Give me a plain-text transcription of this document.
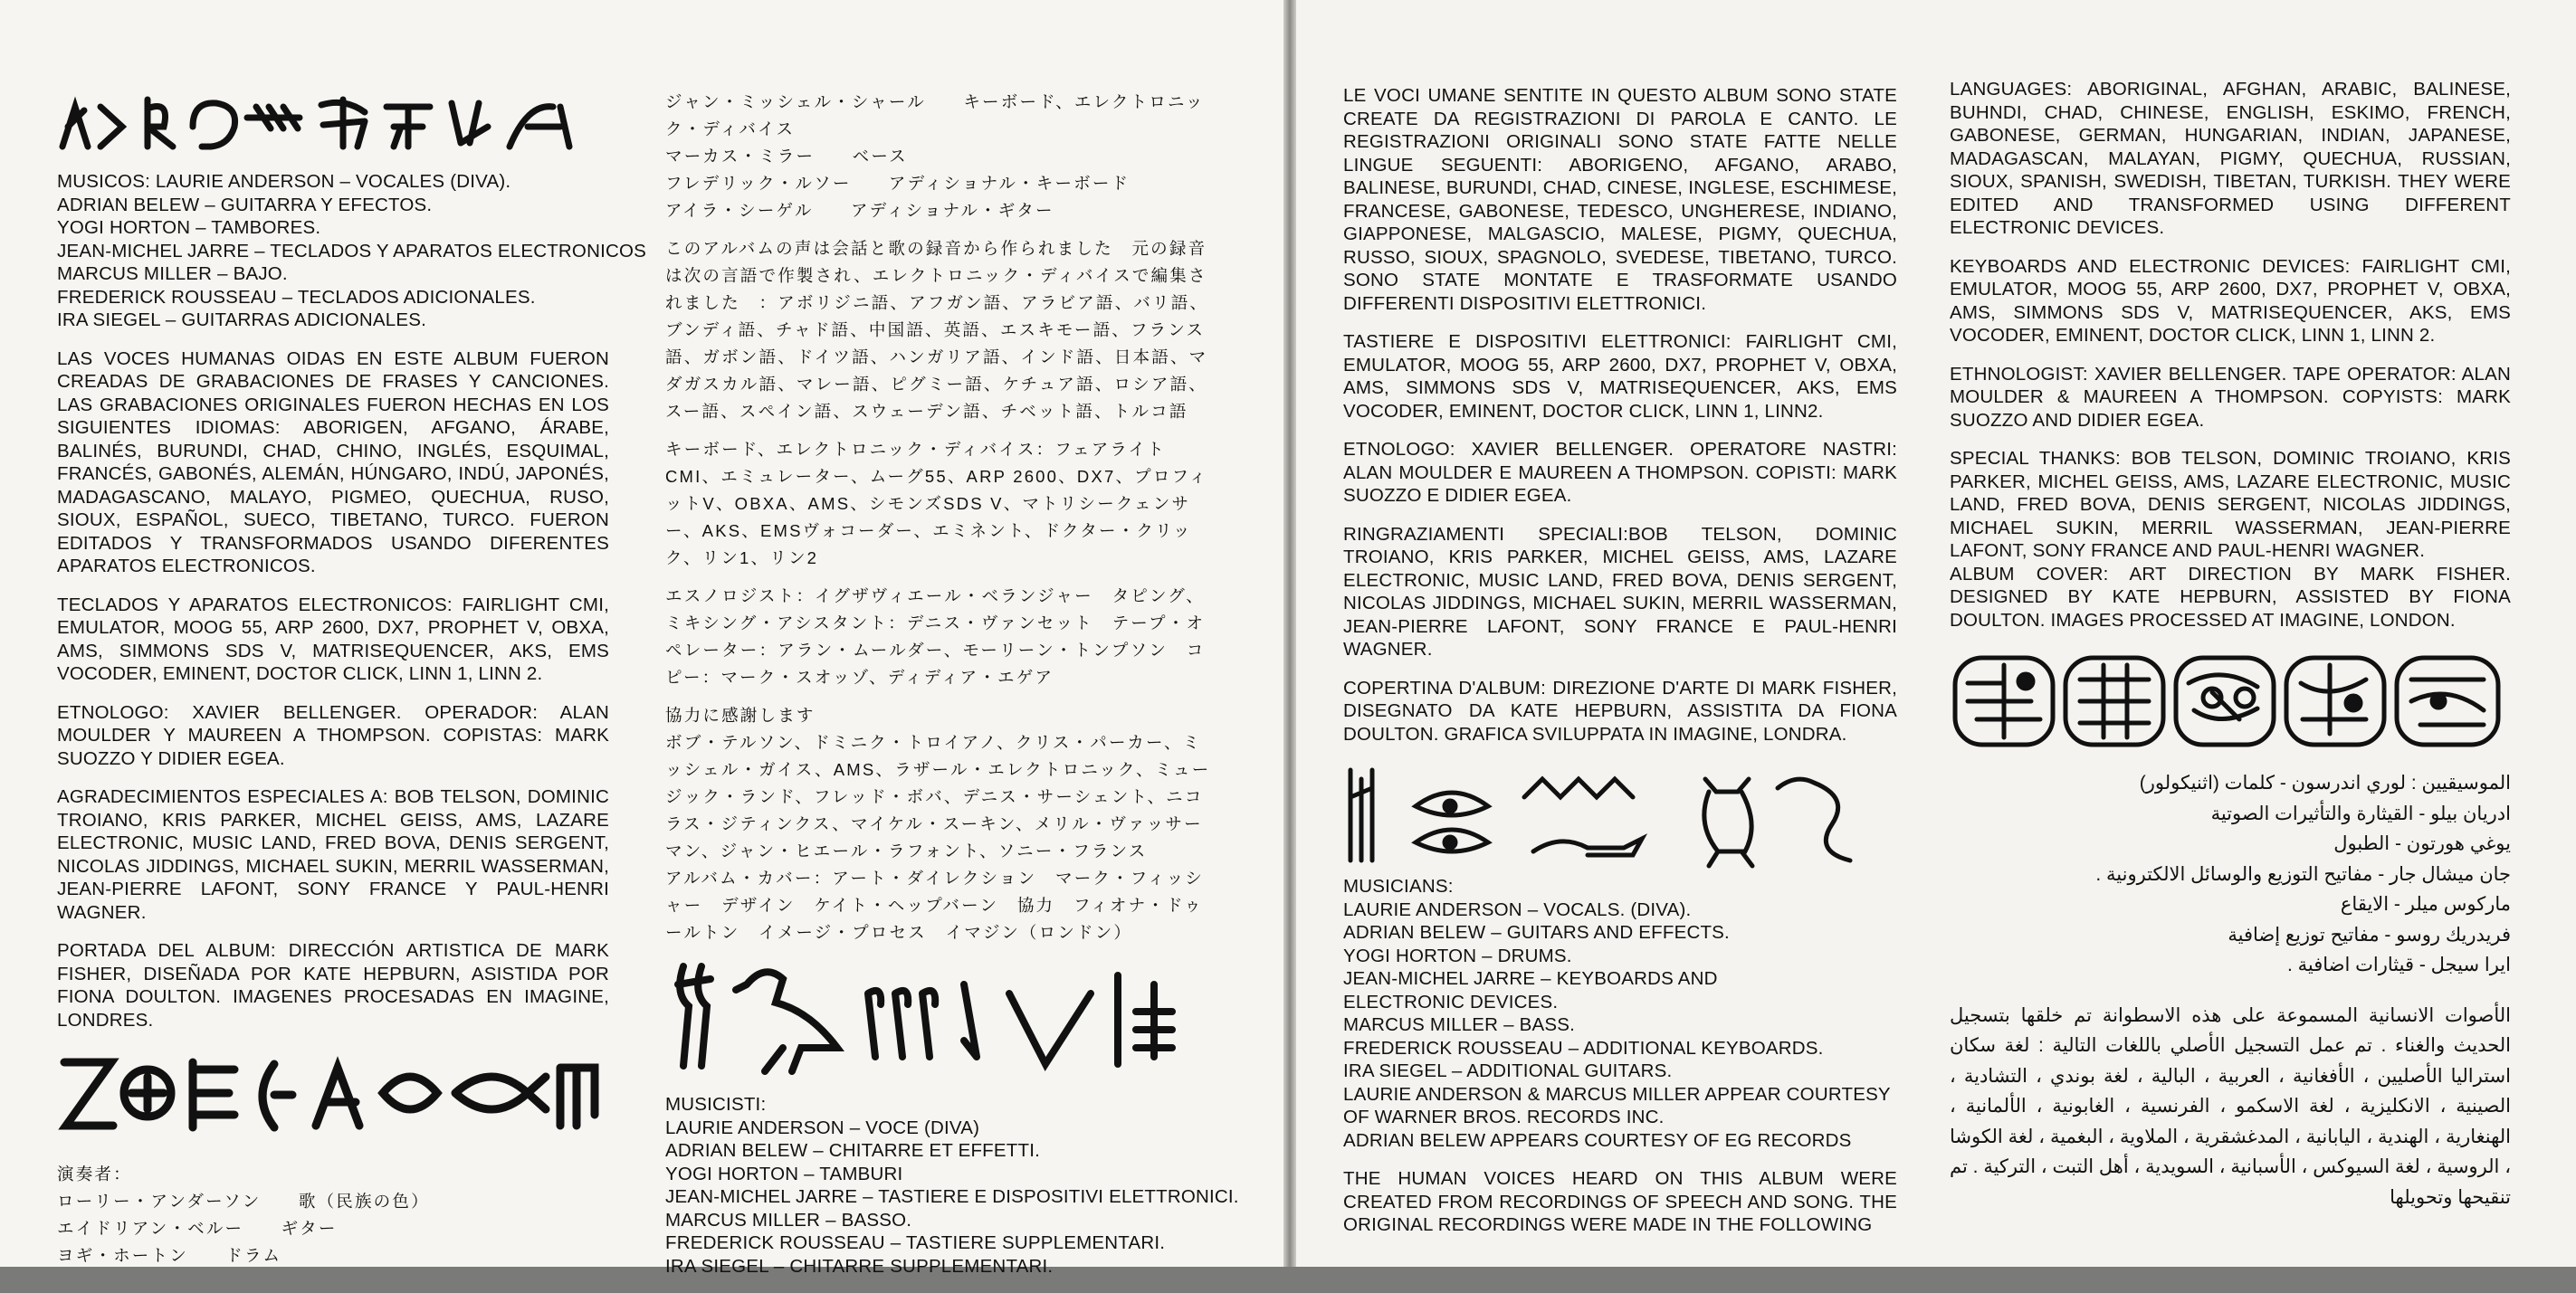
MUSICOS: LAURIE ANDERSON – VOCALES (DIVA).
ADRIAN BELEW – GUITARRA Y EFECTOS.
YOGI HORTON – TAMBORES.
JEAN-MICHEL JARRE – TECLADOS Y APARATOS ELECTRONICOS
MARCUS MILLER – BAJO.
FREDERICK ROUSSEAU – TECLADOS ADICIONALES.
IRA SIEGEL – GUITARRAS ADICIONALES.

LAS VOCES HUMANAS OIDAS EN ESTE ALBUM FUERON CREADAS DE GRABACIONES DE FRASES Y CANCIONES. LAS GRABACIONES ORIGINALES FUERON HECHAS EN LOS SIGUIENTES IDIOMAS: ABORIGEN, AFGANO, ÁRABE, BALINÉS, BURUNDI, CHAD, CHINO, INGLÉS, ESQUIMAL, FRANCÉS, GABONÉS, ALEMÁN, HÚNGARO, INDÚ, JAPONÉS, MADAGASCANO, MALAYO, PIGMEO, QUECHUA, RUSO, SIOUX, ESPAÑOL, SUECO, TIBETANO, TURCO. FUERON EDITADOS Y TRANSFORMADOS USANDO DIFERENTES APARATOS ELECTRONICOS.

TECLADOS Y APARATOS ELECTRONICOS: FAIRLIGHT CMI, EMULATOR, MOOG 55, ARP 2600, DX7, PROPHET V, OBXA, AMS, SIMMONS SDS V, MATRISEQUENCER, AKS, EMS VOCODER, EMINENT, DOCTOR CLICK, LINN 1, LINN 2.

ETNOLOGO: XAVIER BELLENGER. OPERADOR: ALAN MOULDER Y MAUREEN A THOMPSON. COPISTAS: MARK SUOZZO Y DIDIER EGEA.

AGRADECIMIENTOS ESPECIALES A: BOB TELSON, DOMINIC TROIANO, KRIS PARKER, MICHEL GEISS, AMS, LAZARE ELECTRONIC, MUSIC LAND, FRED BOVA, DENIS SERGENT, NICOLAS JIDDINGS, MICHAEL SUKIN, MERRIL WASSERMAN, JEAN-PIERRE LAFONT, SONY FRANCE Y PAUL-HENRI WAGNER.

PORTADA DEL ALBUM: DIRECCIÓN ARTISTICA DE MARK FISHER, DISEÑADA POR KATE HEPBURN, ASISTIDA POR FIONA DOULTON. IMAGENES PROCESADAS EN IMAGINE, LONDRES.

演奏者：
ローリー・アンダーソン　　歌（民族の色）
エイドリアン・ベルー　　ギター
ヨギ・ホートン　　ドラム

ジャン・ミッシェル・シャール　　キーボード、エレクトロニック・ディバイス
マーカス・ミラー　　ベース
フレデリック・ルソー　　アディショナル・キーボード
アイラ・シーゲル　　アディショナル・ギター

このアルバムの声は会話と歌の録音から作られました　元の録音は次の言語で作製され、エレクトロニック・ディバイスで編集されました　：アボリジニ語、アフガン語、アラビア語、バリ語、ブンディ語、チャド語、中国語、英語、エスキモー語、フランス語、ガボン語、ドイツ語、ハンガリア語、インド語、日本語、マダガスカル語、マレー語、ピグミー語、ケチュア語、ロシア語、スー語、スペイン語、スウェーデン語、チベット語、トルコ語

キーボード、エレクトロニック・ディバイス：フェアライトCMI、エミュレーター、ムーグ55、ARP 2600、DX7、プロフィットV、OBXA、AMS、シモンズSDS V、マトリシークェンサー、AKS、EMSヴォコーダー、エミネント、ドクター・クリック、リン1、リン2

エスノロジスト：イグザヴィエール・ベランジャー　タピング、ミキシング・アシスタント：デニス・ヴァンセット　テープ・オペレーター：アラン・ムールダー、モーリーン・トンプソン　コピー：マーク・スオッゾ、ディディア・エゲア

協力に感謝します
ボブ・テルソン、ドミニク・トロイアノ、クリス・パーカー、ミッシェル・ガイス、AMS、ラザール・エレクトロニック、ミュージック・ランド、フレッド・ボバ、デニス・サーシェント、ニコラス・ジティンクス、マイケル・スーキン、メリル・ヴァッサーマン、ジャン・ヒエール・ラフォント、ソニー・フランス

アルバム・カバー：アート・ダイレクション　マーク・フィッシャー　デザイン　ケイト・ヘップバーン　協力　フィオナ・ドゥールトン　イメージ・プロセス　イマジン（ロンドン）

MUSICISTI:
LAURIE ANDERSON – VOCE (DIVA)
ADRIAN BELEW – CHITARRE ET EFFETTI.
YOGI HORTON – TAMBURI
JEAN-MICHEL JARRE – TASTIERE E DISPOSITIVI ELETTRONICI.
MARCUS MILLER – BASSO.
FREDERICK ROUSSEAU – TASTIERE SUPPLEMENTARI.
IRA SIEGEL – CHITARRE SUPPLEMENTARI.

LE VOCI UMANE SENTITE IN QUESTO ALBUM SONO STATE CREATE DA REGISTRAZIONI DI PAROLA E CANTO. LE REGISTRAZIONI ORIGINALI SONO STATE FATTE NELLE LINGUE SEGUENTI: ABORIGENO, AFGANO, ARABO, BALINESE, BURUNDI, CHAD, CINESE, INGLESE, ESCHIMESE, FRANCESE, GABONESE, TEDESCO, UNGHERESE, INDIANO, GIAPPONESE, MALGASCIO, MALESE, PIGMY, QUECHUA, RUSSO, SIOUX, SPAGNOLO, SVEDESE, TIBETANO, TURCO. SONO STATE MONTATE E TRASFORMATE USANDO DIFFERENTI DISPOSITIVI ELETTRONICI.

TASTIERE E DISPOSITIVI ELETTRONICI: FAIRLIGHT CMI, EMULATOR, MOOG 55, ARP 2600, DX7, PROPHET V, OBXA, AMS, SIMMONS SDS V, MATRISEQUENCER, AKS, EMS VOCODER, EMINENT, DOCTOR CLICK, LINN 1, LINN2.

ETNOLOGO: XAVIER BELLENGER. OPERATORE NASTRI: ALAN MOULDER E MAUREEN A THOMPSON. COPISTI: MARK SUOZZO E DIDIER EGEA.

RINGRAZIAMENTI SPECIALI:BOB TELSON, DOMINIC TROIANO, KRIS PARKER, MICHEL GEISS, AMS, LAZARE ELECTRONIC, MUSIC LAND, FRED BOVA, DENIS SERGENT, NICOLAS JIDDINGS, MICHAEL SUKIN, MERRIL WASSERMAN, JEAN-PIERRE LAFONT, SONY FRANCE E PAUL-HENRI WAGNER.

COPERTINA D'ALBUM: DIREZIONE D'ARTE DI MARK FISHER, DISEGNATO DA KATE HEPBURN, ASSISTITA DA FIONA DOULTON. GRAFICA SVILUPPATA IN IMAGINE, LONDRA.

MUSICIANS:
LAURIE ANDERSON – VOCALS. (DIVA).
ADRIAN BELEW – GUITARS AND EFFECTS.
YOGI HORTON – DRUMS.
JEAN-MICHEL JARRE – KEYBOARDS AND
ELECTRONIC DEVICES.
MARCUS MILLER – BASS.
FREDERICK ROUSSEAU – ADDITIONAL KEYBOARDS.
IRA SIEGEL – ADDITIONAL GUITARS.
LAURIE ANDERSON & MARCUS MILLER APPEAR COURTESY
OF WARNER BROS. RECORDS INC.
ADRIAN BELEW APPEARS COURTESY OF EG RECORDS

THE HUMAN VOICES HEARD ON THIS ALBUM WERE CREATED FROM RECORDINGS OF SPEECH AND SONG. THE ORIGINAL RECORDINGS WERE MADE IN THE FOLLOWING

LANGUAGES: ABORIGINAL, AFGHAN, ARABIC, BALINESE, BUHNDI, CHAD, CHINESE, ENGLISH, ESKIMO, FRENCH, GABONESE, GERMAN, HUNGARIAN, INDIAN, JAPANESE, MADAGASCAN, MALAYAN, PIGMY, QUECHUA, RUSSIAN, SIOUX, SPANISH, SWEDISH, TIBETAN, TURKISH. THEY WERE EDITED AND TRANSFORMED USING DIFFERENT ELECTRONIC DEVICES.

KEYBOARDS AND ELECTRONIC DEVICES: FAIRLIGHT CMI, EMULATOR, MOOG 55, ARP 2600, DX7, PROPHET V, OBXA, AMS, SIMMONS SDS V, MATRISEQUENCER, AKS, EMS VOCODER, EMINENT, DOCTOR CLICK, LINN 1, LINN 2.

ETHNOLOGIST: XAVIER BELLENGER. TAPE OPERATOR: ALAN MOULDER & MAUREEN A THOMPSON. COPYISTS: MARK SUOZZO AND DIDIER EGEA.

SPECIAL THANKS: BOB TELSON, DOMINIC TROIANO, KRIS PARKER, MICHEL GEISS, AMS, LAZARE ELECTRONIC, MUSIC LAND, FRED BOVA, DENIS SERGENT, NICOLAS JIDDINGS, MICHAEL SUKIN, MERRIL WASSERMAN, JEAN-PIERRE LAFONT, SONY FRANCE AND PAUL-HENRI WAGNER.

ALBUM COVER: ART DIRECTION BY MARK FISHER. DESIGNED BY KATE HEPBURN, ASSISTED BY FIONA DOULTON. IMAGES PROCESSED AT IMAGINE, LONDON.

الموسيقيين : لوري اندرسون - كلمات (اثنيكولور)
ادريان بيلو - القيثارة والتأثيرات الصوتية
يوغي هورتون - الطبول
جان ميشال جار - مفاتيح التوزيع والوسائل الالكترونية .
ماركوس ميلر - الايقاع
فريدريك روسو - مفاتيح توزيع إضافية
ايرا سيجل - قيثارات اضافية .

الأصوات الانسانية المسموعة على هذه الاسطوانة تم خلقها بتسجيل الحديث والغناء . تم عمل التسجيل الأصلي باللغات التالية : لغة سكان استراليا الأصليين ، الأفغانية ، العربية ، البالية ، لغة بوندي ، التشادية ، الصينية ، الانكليزية ، لغة الاسكمو ، الفرنسية ، الغابونية ، الألمانية ، الهنغارية ، الهندية ، اليابانية ، المدغشقرية ، الملاوية ، البغمية ، لغة الكوشا ، الروسية ، لغة السيوكس ، الأسبانية ، السويدية ، أهل التبت ، التركية . تم تنقيحها وتحويلها
